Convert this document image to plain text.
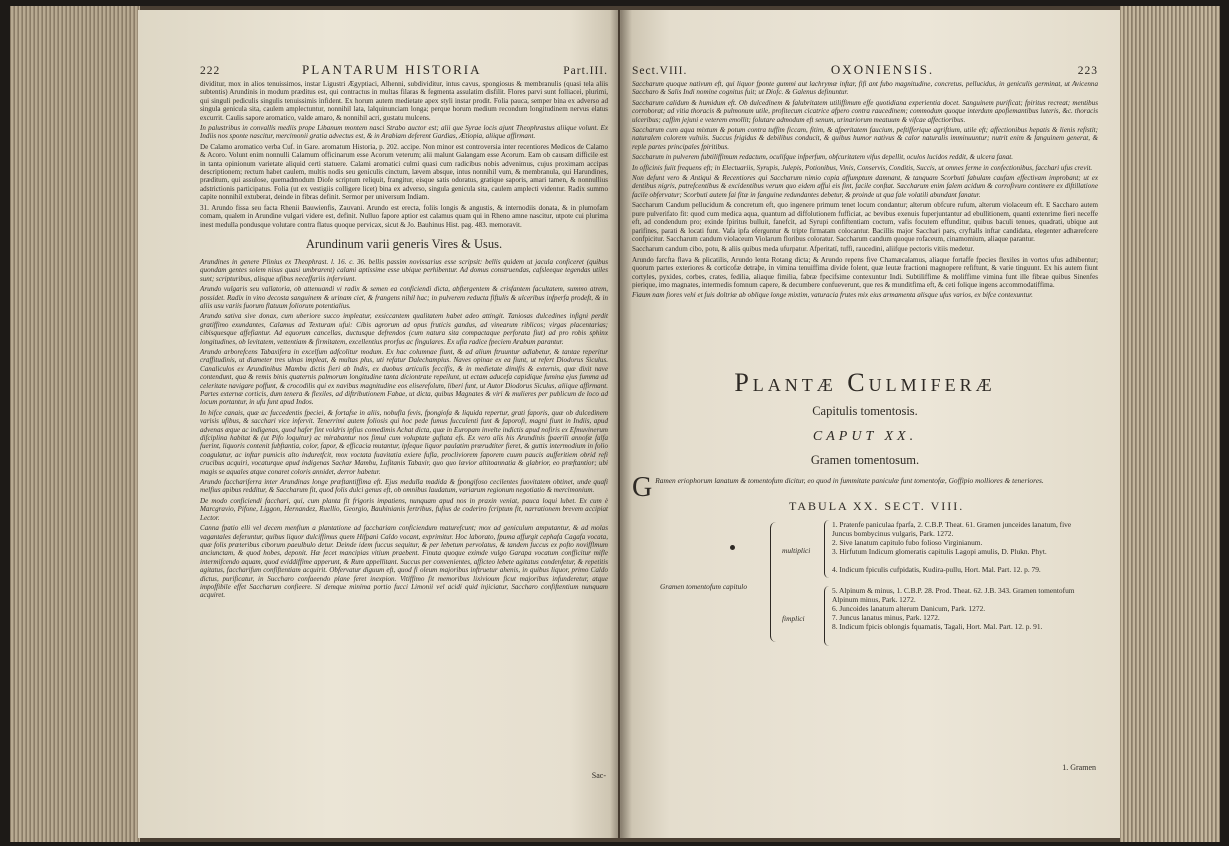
222	PLANTARUM HISTORIA	Part.III.

dividitur, mox in alios tenuissimos, instar Ligustri Ægyptiaci, Alhenni, subdividitur, intus cavus, spongiosus & membranulis (quasi tela aliis subtentis) Arundinis in modum præditus est, qui contractus in multas filaras & fegmenta assulatim disfilit. Flores parvi sunt folliacei, plurimi, qui singuli pediculis singulis tenuissimis infident. Ex horum autem medietate apex styli instar prodit. Folia pauca, semper bina ex adverso ad singula geniculа sita, caulem amplectuntur, nonnihil lata, lalquinunciam longa; perque horum medium recondum longitudinem nervus elatus excurrit. Caulis sapore aromatico, valde amaro, & nonnihil acri, gustatu mulcens.

In palustribus in convallis mediis prope Libanum montem nasci Strabo auctor est; alii que Syrae locis ajunt Theophrastus aliique volunt. Ex Indiis nos sponte nascitur, mercimonii gratia advectus est, & in Arabiam deferent Gardias, Ætiopia, aliique affirmant.

De Calamo aromatico verba Cuf. in Gare. aromatum Historia, p. 202. accipe. Non minor est controversia inter recentiores Medicos de Calamo & Acoro. Volunt enim nonnulli Calamum officinarum esse Acorum veterum; alii malunt Galangam esse Acorum. Eam ob causam difficile est in tanta opinionum varietate aliquid certi statuere. Calami aromatici culmi quasi cum radicibus nobis advenimus, cujus proximam accipas descriptionem; rectum habet caulem, multis nodis seu geniculis cinctum, lævem absque, intus nonnihil vum, & membranula, qui Harundines, præditum, qui assulose, quemadmodum Diofe scriptum reliquit, frangitur, eisque satis odoratus, gratique saporis, amari tamen, & nonnullius adstrictionis participatus. Folia (ut ex vestigiis colligere licet) bina ex adverso, singula genicula sita, caulem amplecti videntur. Radix summo capite nonnihil extuberat, deinde in fibras definit. Sermor per universum Indiam.

31. Arundo fissa seu facta Rhenii Bauwienfis, Zauvani. Arundo est erecta, foliis longis & angustis, & internodiis donata, & in plumofam comam, qualem in Arundine vulgari videre est, definit. Nulluo fapore aptior est calamus quam qui in Rheno amne nascitur, utpote cui plurima inest medulla pondusque volutare contra flatus quoque pervicax, sicut & Jo. Bauhinus Hist. pag. 483. memoravit.

Arundinum varii generis Vires & Usus.

Arundines in genere Plinius ex Theophrast. l. 16. c. 36. bellis passim novissarius esse scripsit: bellis quidem ut jacula conficeret (quibus quondam gentes solem nisus quasi umbrarent) calami aptissime esse ubique perhibentur. Ad domus construendas, cafsleeque tegendas utiles sunt; scripturibus, alisque ufibus neceffariis inferviunt.

Arundo vulgaris seu vallatoria, ob attenuandi vi radix & semen ea conficiendi dicta, abftergentem & crisfantem facultatem, summo atrem, possidet. Radix in vino decosta sanguinem & urinam ciet, & frangens nihil hac; in pulverem reducta fiftulis & ulceribus infperfa prodeft, & in aliis usu variis fuorum flatuum foliorum potentialius.

Arundo sativa sive donax, cum uberiore succo impleatur, exsiccantem qualitatem habet adeo attingit. Taniosas dulcedines infigni perdit gratiffimo exundantes, Calamus ad Texturam ufui: Cibis agrorum ad opus fruticis gandus, ad vinearum riblicos; virgas placentarias; cibisquesque affefiantur. Ad equorum cancellas, ductusque defrendos (cum natura sita compactaque perforata fiut) ad pro robis sphinx longitudines, ob levitatem, vettentiam & firmitatem, excellentius prorfus ac fingulares. Ex ufia radice fpeciem Arabum parantur.

Arundo arborefcens Tabaxifera in excelfum adfcolitur modum. Ex hac columnae fiunt, & ad alium ftruuntur adlabetur, & tantae reperitur craffitudinis, ut diameter tres ulnas impleat, & multas plus, uti refatur Dalechampius. Naves opinae ex ea fiunt, ut refert Diodorus Siculus. Canaliculos ex Arundinibus Mambu dictis fieri ab Indis, ex duobus articulis feccifis, & in medietate dimifis & externis, quæ dixit nave contendunt, qua & remis binis quaternis palmorum longitudine tanta diciontrate repeilunt, ut ectam aducefa capidique fumina ejus fumma ad celeritate navigare poffunt, & crocodilis qui ex navibus magnitudine eos eliserefolum, liberi funt, ut Autor Diodorus Siculus, aliique affirmant. Partes externæ corticis, dum tenera & flexiles, ad diftributionem Fabae, ut dicta, quibus Magnates & viri & mulieres per publicum de loco ad locum portantur, in ufu funt apud Indos.

In hifce canais, quæ ac fuccedentis fpeciei, & fortafse in aliis, nobufla fevis, fpongiofa & liquida repertur, grati faporis, quæ ob dulcedinem varisis ufibus, & sacchari vice infervit. Tenerrimi autem foliosis qui hoc pede fumus fucculenti funt & faporofi, magni fiunt in Indiis, apud advenas æque ac indigenas, quod hafer fint voldris ipfius comedimis Achat dicta, quæ in Europam invelte indictis apud nofiris ex Efmuvinerum difciplina habitat & (ut Pifo loquitur) ac mirabantur nos fimul cum voluptate guftata efs. Ex vero alis his Arundinis fpaerili annofæ falfa fuerint, liquoris contenit fubftantia, color, fapor, & efficacia mutantur, ipfeque liquor paulatim prærudtiter fieret, & guttis intermodium in folio coagulatur, ac inftar pumicis alto induretfcit, mox voctata fuavitatia exiere fufla, procliviorem faporem cuum paucis aufferitiem obrid refi crucibus acquiri, vocaturque apud indigenas Sachar Mambu, Lufitanis Tabaxir, quo quo lævior altitoannatia & glabrior, eo præftantior; ubi magis se aquales atque conaret coloris annidet, derror habetur.

Arundo facchariferra inter Arundinas longe præftantiffima eft. Ejus medulla madida & fpongifoso cecilentes fuovitatem obtinet, unde quafi melfius apibus redditur, & Saccharum fit, quod folis dulci genus eft, ob omnibus laudatum, variarum regionum negotiatio & mercimonium.

De modo conficiendi facchari, qui, cum planta fit frigoris impatiens, nunquam apud nos in praxin veniat, pauca loqui lubet. Ex cum è Marcgravio, Pifone, Liggon, Hernandez, Ruellio, Georgio, Bauhinianis fertribus, fufius de coderiro fcriptum fit, narrationem brevem accipiat Lector.

Canna fpatio elli vel decem menfium a plantatione ad facchariam conficiendum maturefcunt; mox ad geniculum amputantur, & ad molas vagantales deferuntur, quibus liquor dulciffimus quem Hifpani Caldo vocant, exprimitur. Hoc laborato, fpuma affurgit cephafa Cagafa vocata, quæ folis præteribus ciborum paeulbulo detur. Deinde idem fuccus sequitur, & per lebetum pervolatus, & tandem fuccus ex pofto novifflmum anciunctam, & quod hobes, deponit. Hæ fecet mancipias vitium praebent. Finuta quoque eximde vulgo Garapa vocatum confficitur mifle intermifcendo aquam, quod eviddiffime apperunt, & Rum appellitant. Succus per convenientes, afficteo lebete agitatus condenfetur, & repetitis agitatus, faccharifum confiftentiam acquirit. Obfervatur diguum eft, quod fi oleum majoribus inftruetur ahenis, in quibus liquor, primo Caldo dictus, purificatur, in Succharo confaeendo plane feret inexpion. Vitiffimo fit memoribus lixivioum ficut majoribus infunderetur, atque impoffibile effet Saccharum confieere. Si demque minima portio fucci Limonii vel acidi quid injiciatur, Saccharo confiftentium nunquam acquiret.

Sac-
Sect.VIII.	OXONIENSIS.	223

Saccharum quoque nativum eft, qui liquor fponte gummi aut lachrymæ inftar, fifi ant fubo magnitudine, concretus, pellucidus, in geniculis germinat, ut Avicenna Saccharo & Salis Indi nomine cognitus fuit; ut Diofc. & Galenus definuntur.

Saccharum calidum & humidum eft. Ob dulcedinem & falubritatem utiliffimum effe quotidiana experientia docet. Sanguinem purificat; fpiritus recreat; mentibus corroborat; ad vitia thoracis & pulmonum utile, profitecum cicatrice afpero contra raucedinem; commodum quoque interdum apofiemantibus luteris, &c. thoracis ulceribus; caffim jejuni e veterem emollit; folutare admodum eft senum, urinariorum meatuum & vifcae affectioribus.

Saccharum cum aqua mixtum & potum contra tuffim ficcam, fitim, & afperitatem faucium, peftifferique agriftium, utile eft; affectionibus hepatis & lienis refistit; naturalem colorem vulniis. Succus frigidus & debilibus conducit, & quibus humor nativus & calor naturalis imminuuntur; nutrit enim & fanguinem generat, & reple partes principales fpiritibus.

Saccharum in pulverem fubtiliffimum redactum, oculifque infperfum, obfcuritatem vifus depellit, oculos lucidos reddit, & ulcera fanat.

In officinis fuiit frequens eft; in Electuariis, Syrupis, Julepis, Potionibus, Vinis, Conservis, Conditis, Succis, ut omnes ferme in confectionibus, facchari ufus crevit.

Non defunt vero & Antiqui & Recentiores qui Saccharum nimio copia affumptum damnant, & tanquam Scorbuti fabulam caufam effectivam improbant; ut ex dentibus nigris, putrefcentibus & excidentibus verum quo eidem affui eis fint, facile conftat. Saccharum enim falem acidum & corrofivum continere ex diftillatione facile obfervatur; Scorbuti autem fai fitæ in fanguine redundantes debetur, & proinde ut qua fale volatili abundant fanatur.

Saccharum Candum pellucidum & concretum eft, quo ingenere primum tenet locum condantur; alterum obfcure rufum, alterum violaceum eft. E Saccharo autem pure pulverifato fit: quod cum medica aqua, quantum ad diffolutionem fufficiat, ac bevibus exenuis fuperjuntantur ad ebullitionem, quanti extenrime fieri neceffe eft, ad condendum pro; exinde fpiritus bulluit, fanefcit, ad Syrupi confiftentiam coctum, vafis focutem effunditur, quibus baculi tenues, quadrati, ubique aut parifines, parati & locati funt. Vafa ipfa eferguntur & tripte firmatam colocantur. Bacillis major Sacchari pars, cryftalls inftar candidata, elegenter adhærefcere confpicitur. Saccharum candum violaceum Violarum floribus coloratur. Saccharum candum quoque rofaceum, cinamomium, aliaque parantur.

Saccharum candum cibo, potu, & aliis quibus meda ufurpatur. Afperitatí, tuffi, raucedini, aliifque pectoris vitiis medetur.

Arundo farcfta flava & plicatilis, Arundo lenta Rotang dicta; & Arundo repens five Chamæcalamus, aliaque fortaffe fpecies flexiles in vortos ufus adhibentur; quorum partes exteriores & corticofæ detraþe, in vimina tenuiffima divide folent, quæ leutæ fractioni magnopere refiftunt, & varie tinguunt. Ex his autem fiunt cortyles, pyxides, corbes, crates, fedilia, aliaque fimilia, fabræ fpecifsime contexuntur Indi. Subtiliffime & moliffime vimina funt ille fibrae quibus Sinenfes pierique, imo magnates, intermedis fomnum capere, & decumbere confueverunt, que res & munditfima eft, & ceti folique ingens accommodatiffima.

Fiaum nam fiores vehi et fuis doltriæ ab oblique longe mixtim, vaturacia frutes mix eius armamenta alisque ufus varios, ex bifce contexuntur.

Plantæ Culmiferæ
Capitulis tomentosis.
CAPUT XX.
Gramen tomentosum.
G Ramen eriophorum lanatum & tomentofum dicitur, eo quod in fummitate paniculæ funt tomentofæ, Goffipio molliores & teneriores.
TABULA XX. SECT. VIII.
Gramen tomentofum capitulo
multiplici
fimplici
1. Pratenfe paniculaa fparfa, 2. C.B.P. Theat. 61. Gramen junceides lanatum, five Juncus bombycinus vulgaris, Park. 1272.
2. Sive lanatum capitulo fubo folioso Virginianum.
3. Hirfutum Indicum glomeratis capitulis Lagopi amulis, D. Plukn. Phyt.
4. Indicum fpiculis cufpidatis, Kudira-pullu, Hort. Mal. Part. 12. p. 79.
5. Alpinum & minus, 1. C.B.P. 28. Prod. Theat. 62. J.B. 343. Gramen tomentofum Alpinum minus, Park. 1272.
6. Juncoides lanatum alterum Danicum, Park. 1272.
7. Juncus lanatus minus, Park. 1272.
8. Indicum fpicis oblongis fquamatis, Tagali, Hort. Mal. Part. 12. p. 91.
1. Gramen
